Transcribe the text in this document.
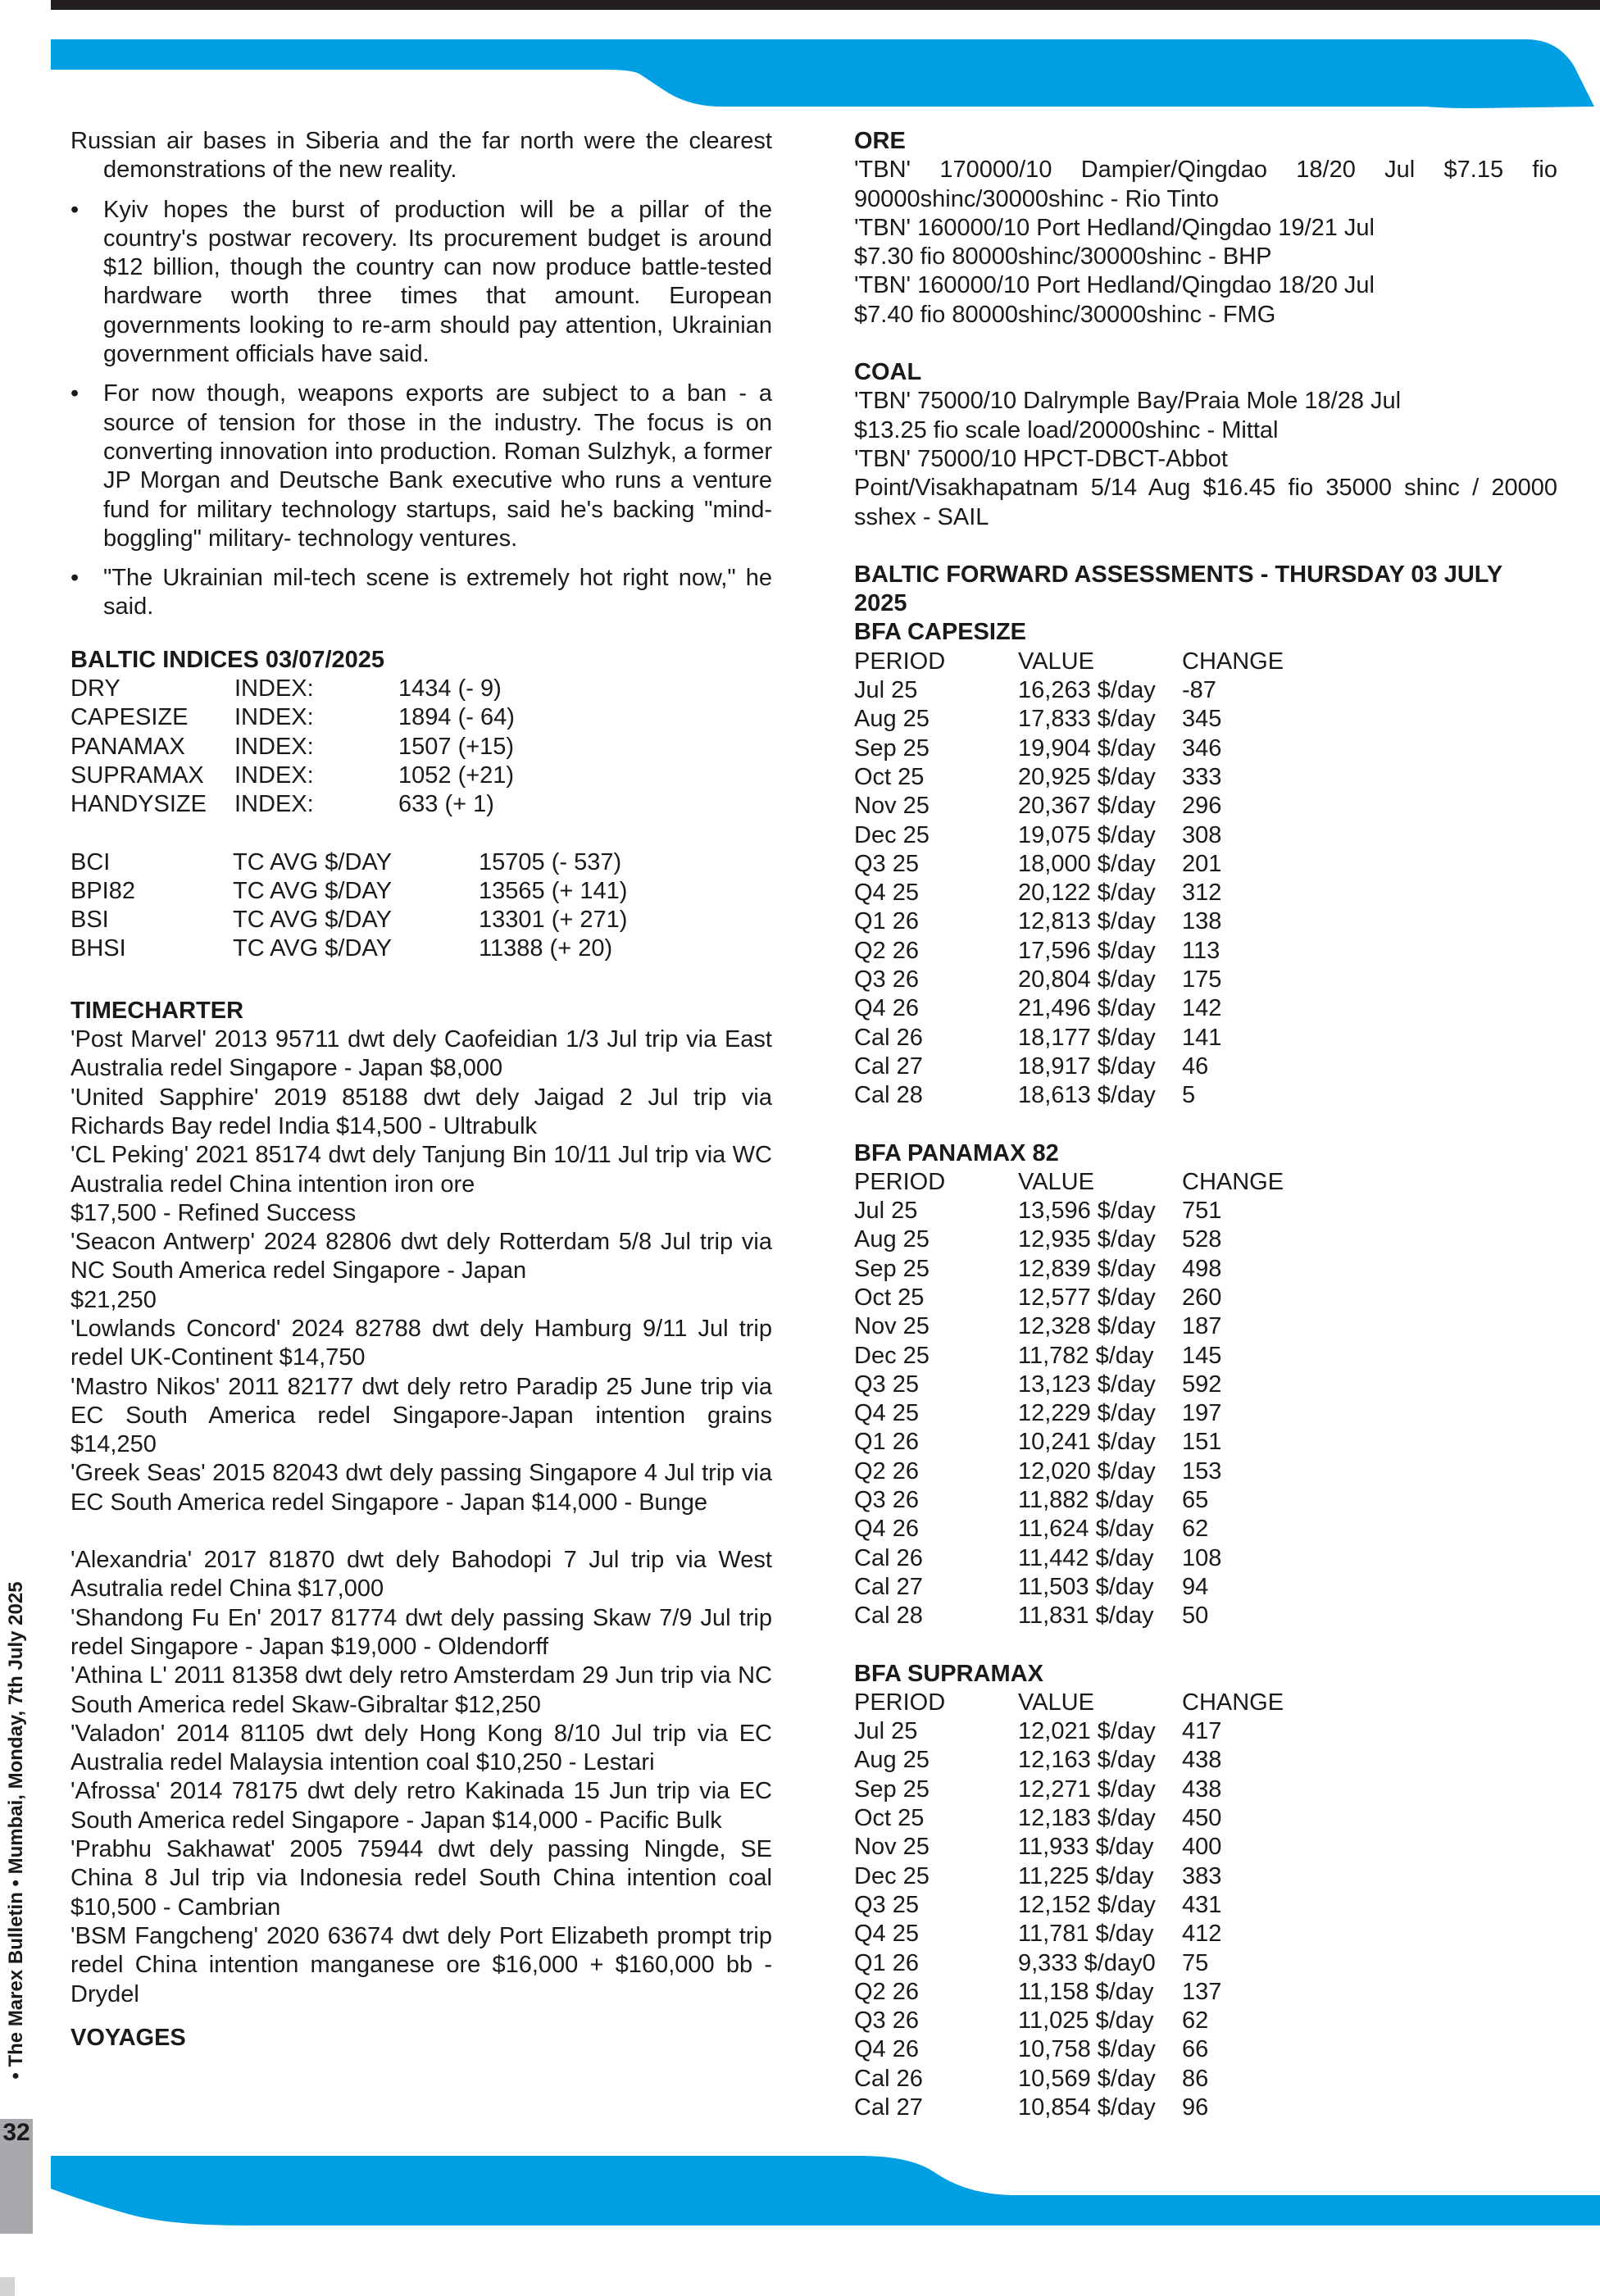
• The Marex Bulletin • Mumbai, Monday, 7th July 2025
32

Russian air bases in Siberia and the far north were the clearest demonstrations of the new reality.

• Kyiv hopes the burst of production will be a pillar of the country's postwar recovery. Its procurement budget is around $12 billion, though the country can now produce battle-tested hardware worth three times that amount. European governments looking to re-arm should pay attention, Ukrainian government officials have said.
• For now though, weapons exports are subject to a ban - a source of tension for those in the industry. The focus is on converting innovation into production. Roman Sulzhyk, a former JP Morgan and Deutsche Bank executive who runs a venture fund for military technology startups, said he's backing "mind-boggling" military- technology ventures.
• "The Ukrainian mil-tech scene is extremely hot right now," he said.
BALTIC INDICES 03/07/2025
DRY	INDEX:	1434 (- 9)
CAPESIZE	INDEX:	1894 (- 64)
PANAMAX	INDEX:	1507 (+15)
SUPRAMAX	INDEX:	1052 (+21)
HANDYSIZE	INDEX:	633 (+ 1)
BCI	TC AVG $/DAY	15705 (- 537)
BPI82	TC AVG $/DAY	13565 (+ 141)
BSI	TC AVG $/DAY	13301 (+ 271)
BHSI	TC AVG $/DAY	11388 (+ 20)
TIMECHARTER
'Post Marvel' 2013 95711 dwt dely Caofeidian 1/3 Jul trip via East Australia redel Singapore - Japan $8,000
'United Sapphire' 2019 85188 dwt dely Jaigad 2 Jul trip via Richards Bay redel India $14,500 - Ultrabulk
'CL Peking' 2021 85174 dwt dely Tanjung Bin 10/11 Jul trip via WC Australia redel China intention iron ore
$17,500 - Refined Success
'Seacon Antwerp' 2024 82806 dwt dely Rotterdam 5/8 Jul trip via NC South America redel Singapore - Japan
$21,250
'Lowlands Concord' 2024 82788 dwt dely Hamburg 9/11 Jul trip redel UK-Continent $14,750
'Mastro Nikos' 2011 82177 dwt dely retro Paradip 25 June trip via EC South America redel Singapore-Japan intention grains $14,250
'Greek Seas' 2015 82043 dwt dely passing Singapore 4 Jul trip via EC South America redel Singapore - Japan $14,000 - Bunge
'Alexandria' 2017 81870 dwt dely Bahodopi 7 Jul trip via West Asutralia redel China $17,000
'Shandong Fu En' 2017 81774 dwt dely passing Skaw 7/9 Jul trip redel Singapore - Japan $19,000 - Oldendorff
'Athina L' 2011 81358 dwt dely retro Amsterdam 29 Jun trip via NC South America redel Skaw-Gibraltar $12,250
'Valadon' 2014 81105 dwt dely Hong Kong 8/10 Jul trip via EC Australia redel Malaysia intention coal $10,250 - Lestari
'Afrossa' 2014 78175 dwt dely retro Kakinada 15 Jun trip via EC South America redel Singapore - Japan $14,000 - Pacific Bulk
'Prabhu Sakhawat' 2005 75944 dwt dely passing Ningde, SE China 8 Jul trip via Indonesia redel South China intention coal $10,500 - Cambrian
'BSM Fangcheng' 2020 63674 dwt dely Port Elizabeth prompt trip redel China intention manganese ore $16,000 + $160,000 bb - Drydel
VOYAGES
ORE
'TBN' 170000/10 Dampier/Qingdao 18/20 Jul $7.15 fio 90000shinc/30000shinc - Rio Tinto
'TBN' 160000/10 Port Hedland/Qingdao 19/21 Jul
$7.30 fio 80000shinc/30000shinc - BHP
'TBN' 160000/10 Port Hedland/Qingdao 18/20 Jul
$7.40 fio 80000shinc/30000shinc - FMG
COAL
'TBN' 75000/10 Dalrymple Bay/Praia Mole 18/28 Jul
$13.25 fio scale load/20000shinc - Mittal
'TBN' 75000/10 HPCT-DBCT-Abbot
Point/Visakhapatnam 5/14 Aug $16.45 fio 35000 shinc / 20000 sshex - SAIL
BALTIC FORWARD ASSESSMENTS - THURSDAY 03 JULY 2025
BFA CAPESIZE
PERIOD	VALUE	CHANGE
Jul 25	16,263 $/day	-87
Aug 25	17,833 $/day	345
Sep 25	19,904 $/day	346
Oct 25	20,925 $/day	333
Nov 25	20,367 $/day	296
Dec 25	19,075 $/day	308
Q3 25	18,000 $/day	201
Q4 25	20,122 $/day	312
Q1 26	12,813 $/day	138
Q2 26	17,596 $/day	113
Q3 26	20,804 $/day	175
Q4 26	21,496 $/day	142
Cal 26	18,177 $/day	141
Cal 27	18,917 $/day	46
Cal 28	18,613 $/day	5
BFA PANAMAX 82
PERIOD	VALUE	CHANGE
Jul 25	13,596 $/day	751
Aug 25	12,935 $/day	528
Sep 25	12,839 $/day	498
Oct 25	12,577 $/day	260
Nov 25	12,328 $/day	187
Dec 25	11,782 $/day	145
Q3 25	13,123 $/day	592
Q4 25	12,229 $/day	197
Q1 26	10,241 $/day	151
Q2 26	12,020 $/day	153
Q3 26	11,882 $/day	65
Q4 26	11,624 $/day	62
Cal 26	11,442 $/day	108
Cal 27	11,503 $/day	94
Cal 28	11,831 $/day	50
BFA SUPRAMAX
PERIOD	VALUE	CHANGE
Jul 25	12,021 $/day	417
Aug 25	12,163 $/day	438
Sep 25	12,271 $/day	438
Oct 25	12,183 $/day	450
Nov 25	11,933 $/day	400
Dec 25	11,225 $/day	383
Q3 25	12,152 $/day	431
Q4 25	11,781 $/day	412
Q1 26	9,333 $/day0	75
Q2 26	11,158 $/day	137
Q3 26	11,025 $/day	62
Q4 26	10,758 $/day	66
Cal 26	10,569 $/day	86
Cal 27	10,854 $/day	96
